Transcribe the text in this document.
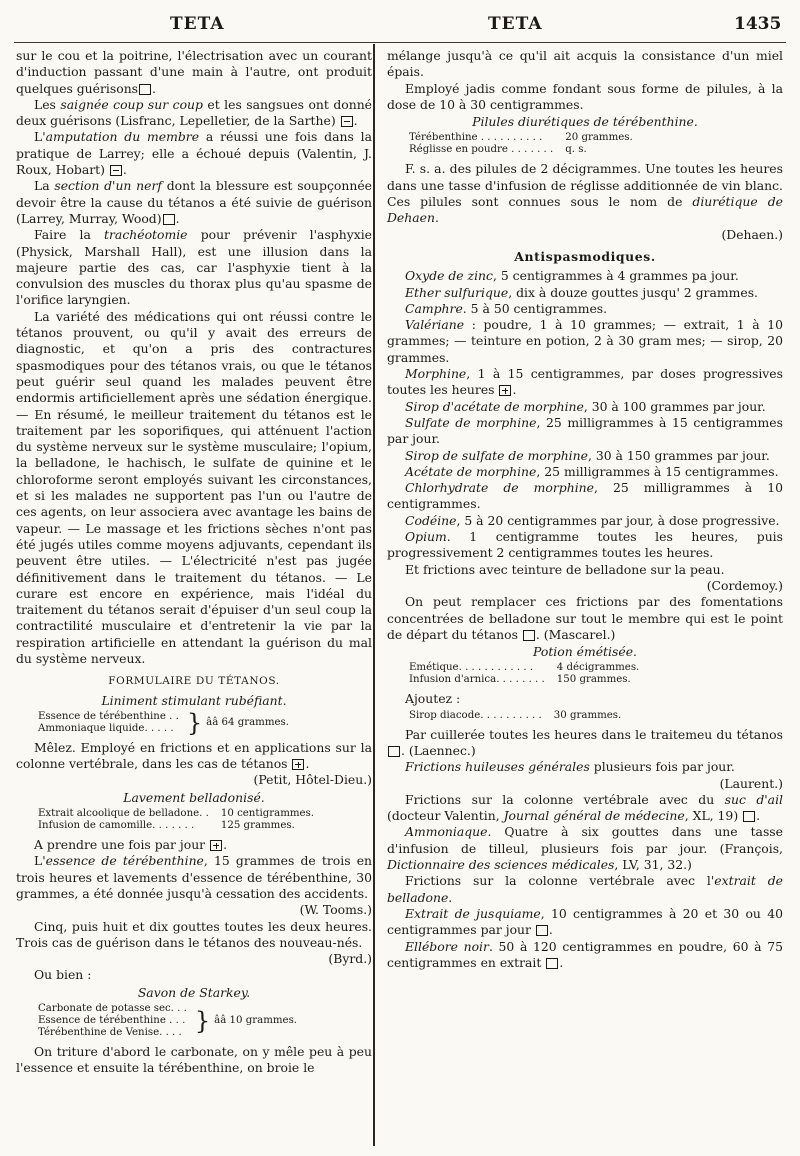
TETA	TETA	1435

sur le cou et la poitrine, l'électrisation avec un courant d'induction passant d'une main à l'autre, ont produit quelques guérisons .

Les saignée coup sur coup et les sangsues ont donné deux guérisons (Lisfranc, Lepelletier, de la Sarthe) .

L'amputation du membre a réussi une fois dans la pratique de Larrey; elle a échoué depuis (Valentin, J. Roux, Hobart) .

La section d'un nerf dont la blessure est soupçonnée devoir être la cause du tétanos a été suivie de guérison (Larrey, Murray, Wood) .

Faire la trachéotomie pour prévenir l'asphyxie (Physick, Marshall Hall), est une illusion dans la majeure partie des cas, car l'asphyxie tient à la convulsion des muscles du thorax plus qu'au spasme de l'orifice laryngien.

La variété des médications qui ont réussi contre le tétanos prouvent, ou qu'il y avait des erreurs de diagnostic, et qu'on a pris des contractures spasmodiques pour des tétanos vrais, ou que le tétanos peut guérir seul quand les malades peuvent être endormis artificiellement après une sédation énergique. — En résumé, le meilleur traitement du tétanos est le traitement par les soporifiques, qui atténuent l'action du système nerveux sur le système musculaire; l'opium, la belladone, le hachisch, le sulfate de quinine et le chloroforme seront employés suivant les circonstances, et si les malades ne supportent pas l'un ou l'autre de ces agents, on leur associera avec avantage les bains de vapeur. — Le massage et les frictions sèches n'ont pas été jugés utiles comme moyens adjuvants, cependant ils peuvent être utiles. — L'électricité n'est pas jugée définitivement dans le traitement du tétanos. — Le curare est encore en expérience, mais l'idéal du traitement du tétanos serait d'épuiser d'un seul coup la contractilité musculaire et d'entretenir la vie par la respiration artificielle en attendant la guérison du mal du système nerveux.

FORMULAIRE DU TÉTANOS.

Liniment stimulant rubéfiant.

Essence de térébenthine . .
Ammoniaque liquide. . . . .	}	ââ 64 grammes.

Mêlez. Employé en frictions et en applications sur la colonne vertébrale, dans les cas de tétanos .

(Petit, Hôtel-Dieu.)

Lavement belladonisé.

Extrait alcoolique de belladone. .	10 centigrammes.
Infusion de camomille. . . . . . .	125 grammes.

A prendre une fois par jour .

L'essence de térébenthine, 15 grammes de trois en trois heures et lavements d'essence de térébenthine, 30 grammes, a été donnée jusqu'à cessation des accidents.

(W. Tooms.)

Cinq, puis huit et dix gouttes toutes les deux heures. Trois cas de guérison dans le tétanos des nouveau-nés.

(Byrd.)

Ou bien :

Savon de Starkey.

Carbonate de potasse sec. . .
Essence de térébenthine . . .
Térébenthine de Venise. . . .	}	ââ 10 grammes.

On triture d'abord le carbonate, on y mêle peu à peu l'essence et ensuite la térébenthine, on broie le

mélange jusqu'à ce qu'il ait acquis la consistance d'un miel épais.

Employé jadis comme fondant sous forme de pilules, à la dose de 10 à 30 centigrammes.

Pilules diurétiques de térébenthine.

Térébenthine . . . . . . . . . .	20 grammes.
Réglisse en poudre . . . . . . .	q. s.

F. s. a. des pilules de 2 décigrammes. Une toutes les heures dans une tasse d'infusion de réglisse additionnée de vin blanc. Ces pilules sont connues sous le nom de diurétique de Dehaen.

(Dehaen.)

Antispasmodiques.

Oxyde de zinc, 5 centigrammes à 4 grammes pa jour.

Ether sulfurique, dix à douze gouttes jusqu' 2 grammes.

Camphre. 5 à 50 centigrammes.

Valériane : poudre, 1 à 10 grammes; — extrait, 1 à 10 grammes; — teinture en potion, 2 à 30 gram mes; — sirop, 20 grammes.

Morphine, 1 à 15 centigrammes, par doses progressives toutes les heures .

Sirop d'acétate de morphine, 30 à 100 grammes par jour.

Sulfate de morphine, 25 milligrammes à 15 centigrammes par jour.

Sirop de sulfate de morphine, 30 à 150 grammes par jour.

Acétate de morphine, 25 milligrammes à 15 centigrammes.

Chlorhydrate de morphine, 25 milligrammes à 10 centigrammes.

Codéine, 5 à 20 centigrammes par jour, à dose progressive.

Opium. 1 centigramme toutes les heures, puis progressivement 2 centigrammes toutes les heures.

Et frictions avec teinture de belladone sur la peau.

(Cordemoy.)

On peut remplacer ces frictions par des fomentations concentrées de belladone sur tout le membre qui est le point de départ du tétanos . (Mascarel.)

Potion émétisée.

Emétique. . . . . . . . . . . .	4 décigrammes.
Infusion d'arnica. . . . . . . .	150 grammes.

Ajoutez :

Sirop diacode. . . . . . . . . .	30 grammes.

Par cuillerée toutes les heures dans le traitemeu du tétanos . (Laennec.)

Frictions huileuses générales plusieurs fois par jour.

(Laurent.)

Frictions sur la colonne vertébrale avec du suc d'ail (docteur Valentin, Journal général de médecine, XL, 19) .

Ammoniaque. Quatre à six gouttes dans une tasse d'infusion de tilleul, plusieurs fois par jour. (François, Dictionnaire des sciences médicales, LV, 31, 32.)

Frictions sur la colonne vertébrale avec l'extrait de belladone.

Extrait de jusquiame, 10 centigrammes à 20 et 30 ou 40 centigrammes par jour .

Ellébore noir. 50 à 120 centigrammes en poudre, 60 à 75 centigrammes en extrait .
